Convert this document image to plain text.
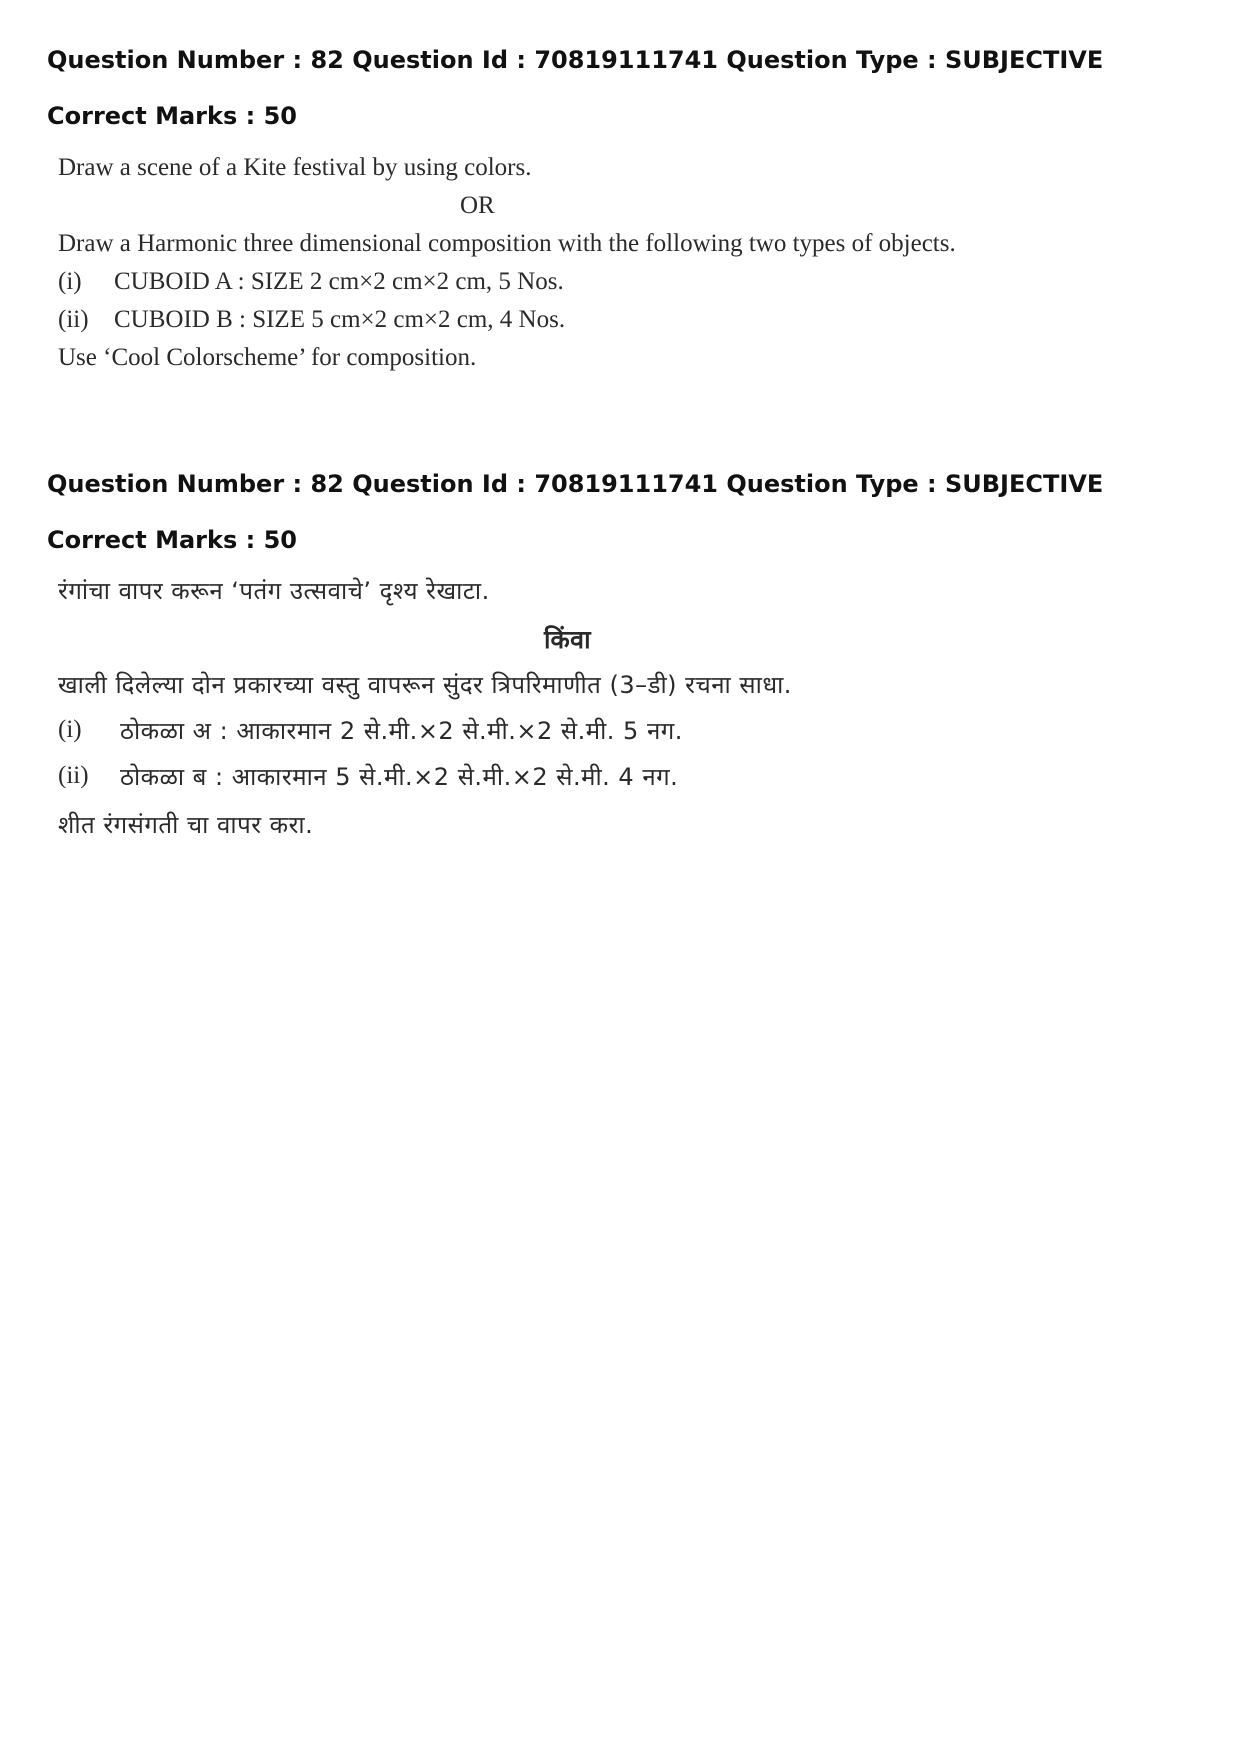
Question Number : 82 Question Id : 70819111741 Question Type : SUBJECTIVE
Correct Marks : 50
Draw a scene of a Kite festival by using colors.
OR
Draw a Harmonic three dimensional composition with the following two types of objects.
(i) CUBOID A : SIZE 2 cm×2 cm×2 cm, 5 Nos.
(ii) CUBOID B : SIZE 5 cm×2 cm×2 cm, 4 Nos.
Use ‘Cool Colorscheme’ for composition.
Question Number : 82 Question Id : 70819111741 Question Type : SUBJECTIVE
Correct Marks : 50
रंगांचा वापर करून ‘पतंग उत्सवाचे’ दृश्य रेखाटा.
किंवा
खाली दिलेल्या दोन प्रकारच्या वस्तु वापरून सुंदर त्रिपरिमाणीत (3–डी) रचना साधा.
(i) ठोकळा अ : आकारमान 2 से.मी.×2 से.मी.×2 से.मी. 5 नग.
(ii) ठोकळा ब : आकारमान 5 से.मी.×2 से.मी.×2 से.मी. 4 नग.
शीत रंगसंगती चा वापर करा.
